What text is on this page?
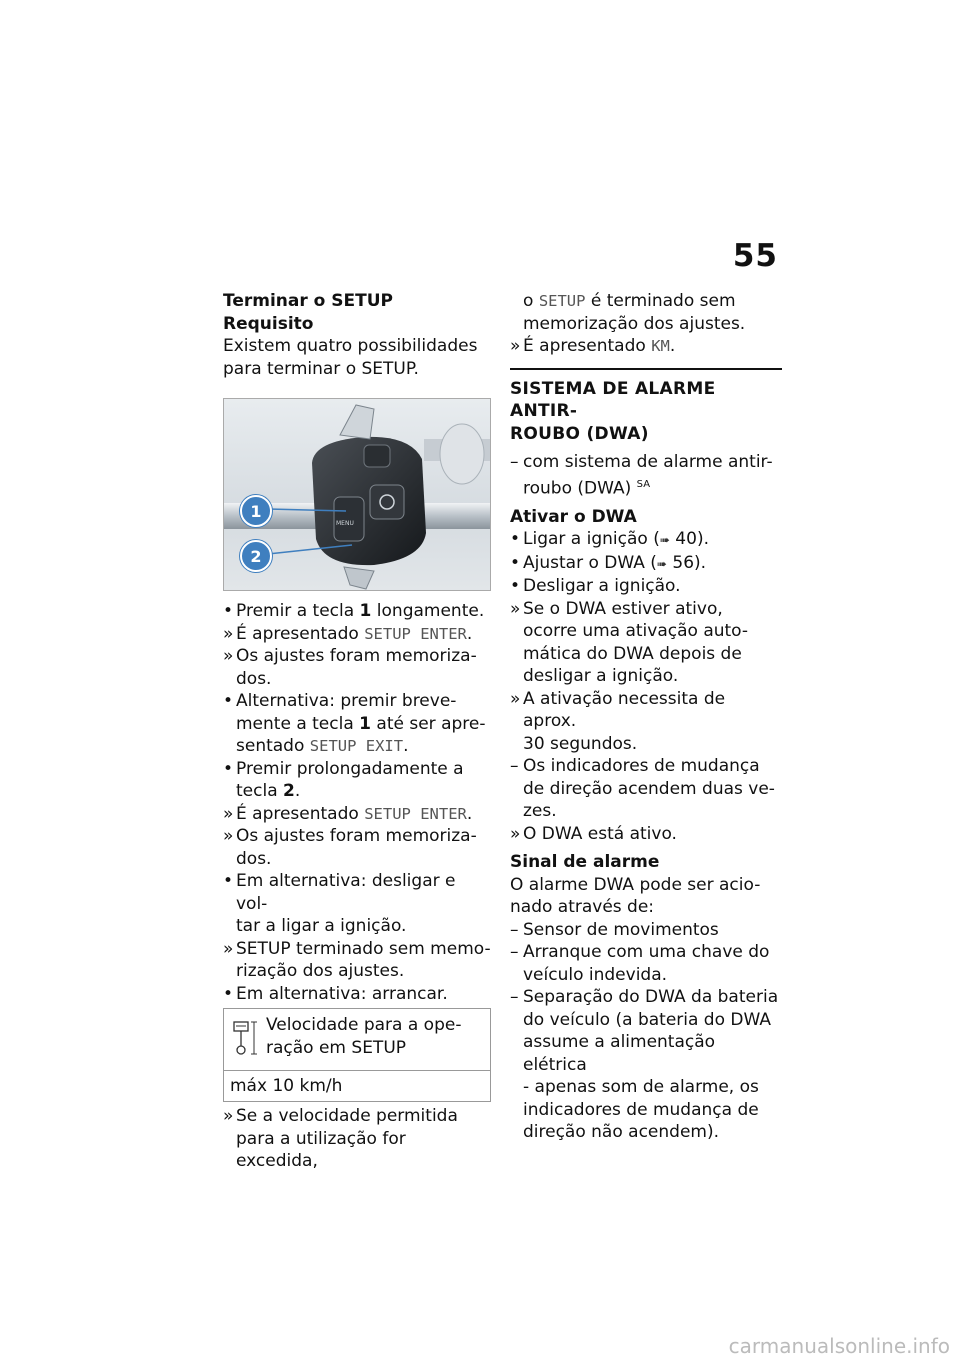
55
Terminar o SETUP
Requisito
Existem quatro possibilidades
para terminar o SETUP.
MENU
1
2
• Premir a tecla 1 longamente.
» É apresentado SETUP ENTER.
» Os ajustes foram memoriza-
dos.
• Alternativa: premir breve-
mente a tecla 1 até ser apre-
sentado SETUP EXIT.
• Premir prolongadamente a
tecla 2.
» É apresentado SETUP ENTER.
» Os ajustes foram memoriza-
dos.
• Em alternativa: desligar e vol-
tar a ligar a ignição.
» SETUP terminado sem memo-
rização dos ajustes.
• Em alternativa: arrancar.
Velocidade para a ope-
ração em SETUP
máx 10 km/h
» Se a velocidade permitida
para a utilização for excedida,
o SETUP é terminado sem
memorização dos ajustes.
» É apresentado KM.
SISTEMA DE ALARME ANTIR-
ROUBO (DWA)
– com sistema de alarme antir-
roubo (DWA) $^{SA}$
Ativar o DWA
• Ligar a ignição (➠ 40).
• Ajustar o DWA (➠ 56).
• Desligar a ignição.
» Se o DWA estiver ativo,
ocorre uma ativação auto-
mática do DWA depois de
desligar a ignição.
» A ativação necessita de aprox.
30 segundos.
– Os indicadores de mudança
de direção acendem duas ve-
zes.
» O DWA está ativo.
Sinal de alarme
O alarme DWA pode ser acio-
nado através de:
– Sensor de movimentos
– Arranque com uma chave do
veículo indevida.
– Separação do DWA da bateria
do veículo (a bateria do DWA
assume a alimentação elétrica
- apenas som de alarme, os
indicadores de mudança de
direção não acendem).
carmanualsonline.info
